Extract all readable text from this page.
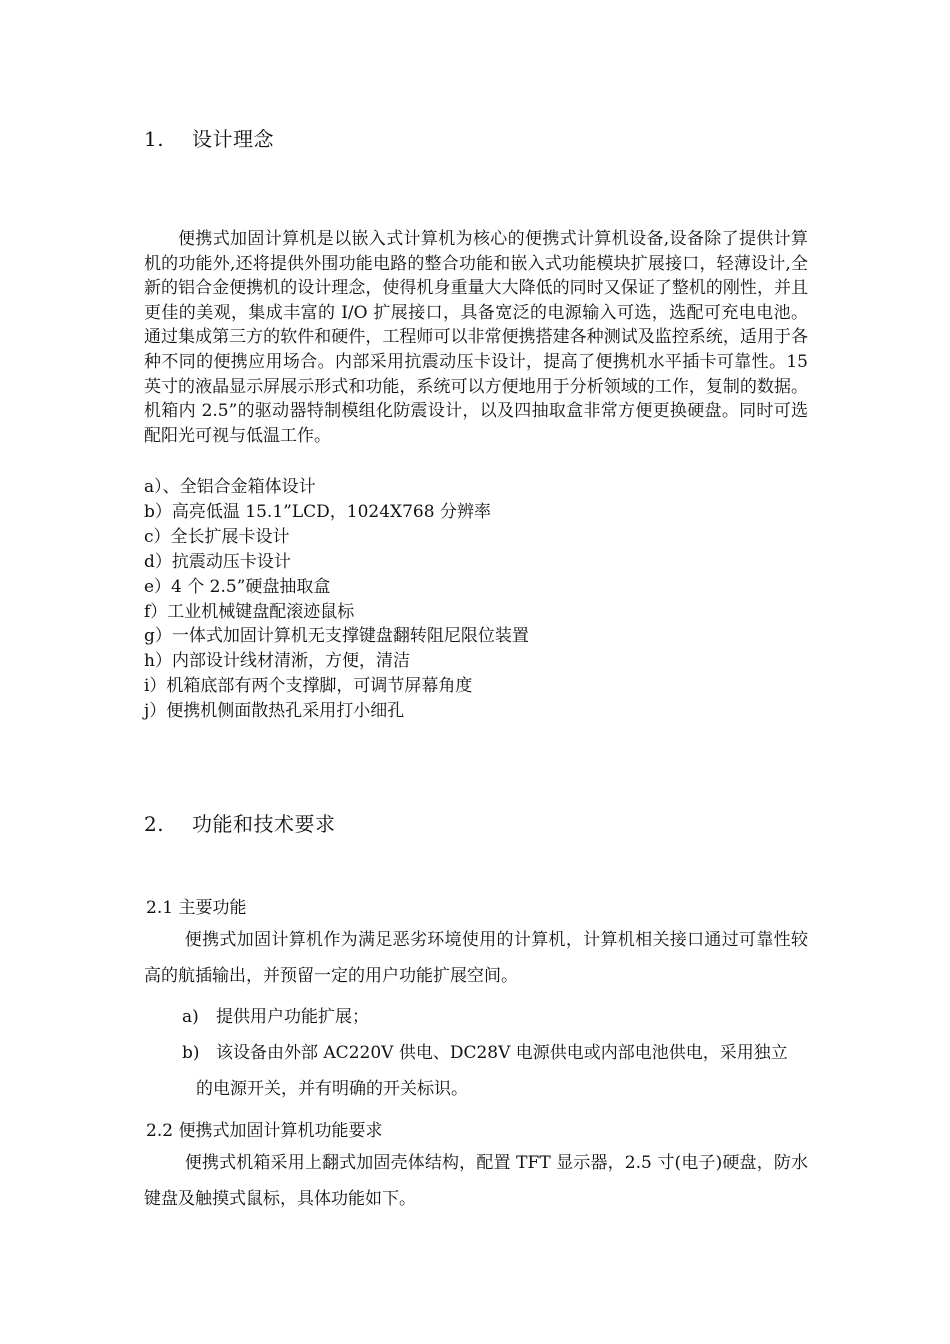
1. 设计理念

便携式加固计算机是以嵌入式计算机为核心的便携式计算机设备,设备除了提供计算机的功能外,还将提供外围功能电路的整合功能和嵌入式功能模块扩展接口，轻薄设计,全新的铝合金便携机的设计理念，使得机身重量大大降低的同时又保证了整机的刚性，并且更佳的美观，集成丰富的 I/O 扩展接口，具备宽泛的电源输入可选，选配可充电电池。通过集成第三方的软件和硬件，工程师可以非常便携搭建各种测试及监控系统，适用于各种不同的便携应用场合。内部采用抗震动压卡设计，提高了便携机水平插卡可靠性。15 英寸的液晶显示屏展示形式和功能，系统可以方便地用于分析领域的工作，复制的数据。机箱内 2.5”的驱动器特制模组化防震设计，以及四抽取盒非常方便更换硬盘。同时可选配阳光可视与低温工作。

a）、全铝合金箱体设计
b）高亮低温 15.1”LCD，1024X768 分辨率
c）全长扩展卡设计
d）抗震动压卡设计
e）4 个 2.5”硬盘抽取盒
f）工业机械键盘配滚迹鼠标
g）一体式加固计算机无支撑键盘翻转阻尼限位装置
h）内部设计线材清淅，方便，清洁
i）机箱底部有两个支撑脚，可调节屏幕角度
j）便携机侧面散热孔采用打小细孔
2. 功能和技术要求
2.1 主要功能

便携式加固计算机作为满足恶劣环境使用的计算机，计算机相关接口通过可靠性较高的航插输出，并预留一定的用户功能扩展空间。

a)	提供用户功能扩展；
b) 该设备由外部 AC220V 供电、DC28V 电源供电或内部电池供电，采用独立
的电源开关，并有明确的开关标识。
2.2 便携式加固计算机功能要求

便携式机箱采用上翻式加固壳体结构，配置 TFT 显示器，2.5 寸(电子)硬盘，防水键盘及触摸式鼠标，具体功能如下。
